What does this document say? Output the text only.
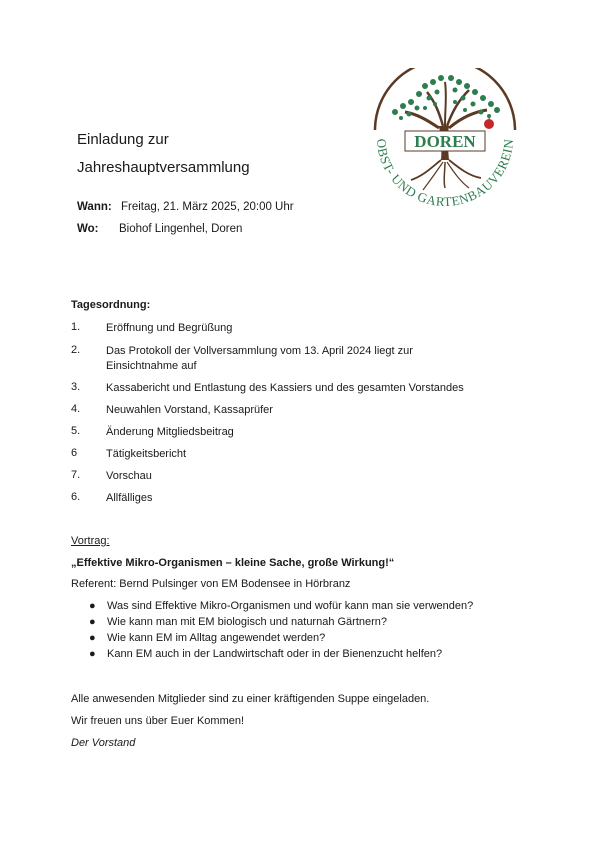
DOREN
OBST- UND GARTENBAUVEREIN
Einladung zur
Jahreshauptversammlung
Wann: Freitag, 21. März 2025, 20:00 Uhr
Wo: Biohof Lingenhel, Doren
Tagesordnung:
1. Eröffnung und Begrüßung
2. Das Protokoll der Vollversammlung vom 13. April 2024 liegt zur Einsichtnahme auf
3. Kassabericht und Entlastung des Kassiers und des gesamten Vorstandes
4. Neuwahlen Vorstand, Kassaprüfer
5. Änderung Mitgliedsbeitrag
6	Tätigkeitsbericht
7. Vorschau
6. Allfälliges
Vortrag:
„Effektive Mikro-Organismen – kleine Sache, große Wirkung!“
Referent: Bernd Pulsinger von EM Bodensee in Hörbranz
● Was sind Effektive Mikro-Organismen und wofür kann man sie verwenden?
● Wie kann man mit EM biologisch und naturnah Gärtnern?
● Wie kann EM im Alltag angewendet werden?
● Kann EM auch in der Landwirtschaft oder in der Bienenzucht helfen?
Alle anwesenden Mitglieder sind zu einer kräftigenden Suppe eingeladen.
Wir freuen uns über Euer Kommen!
Der Vorstand
